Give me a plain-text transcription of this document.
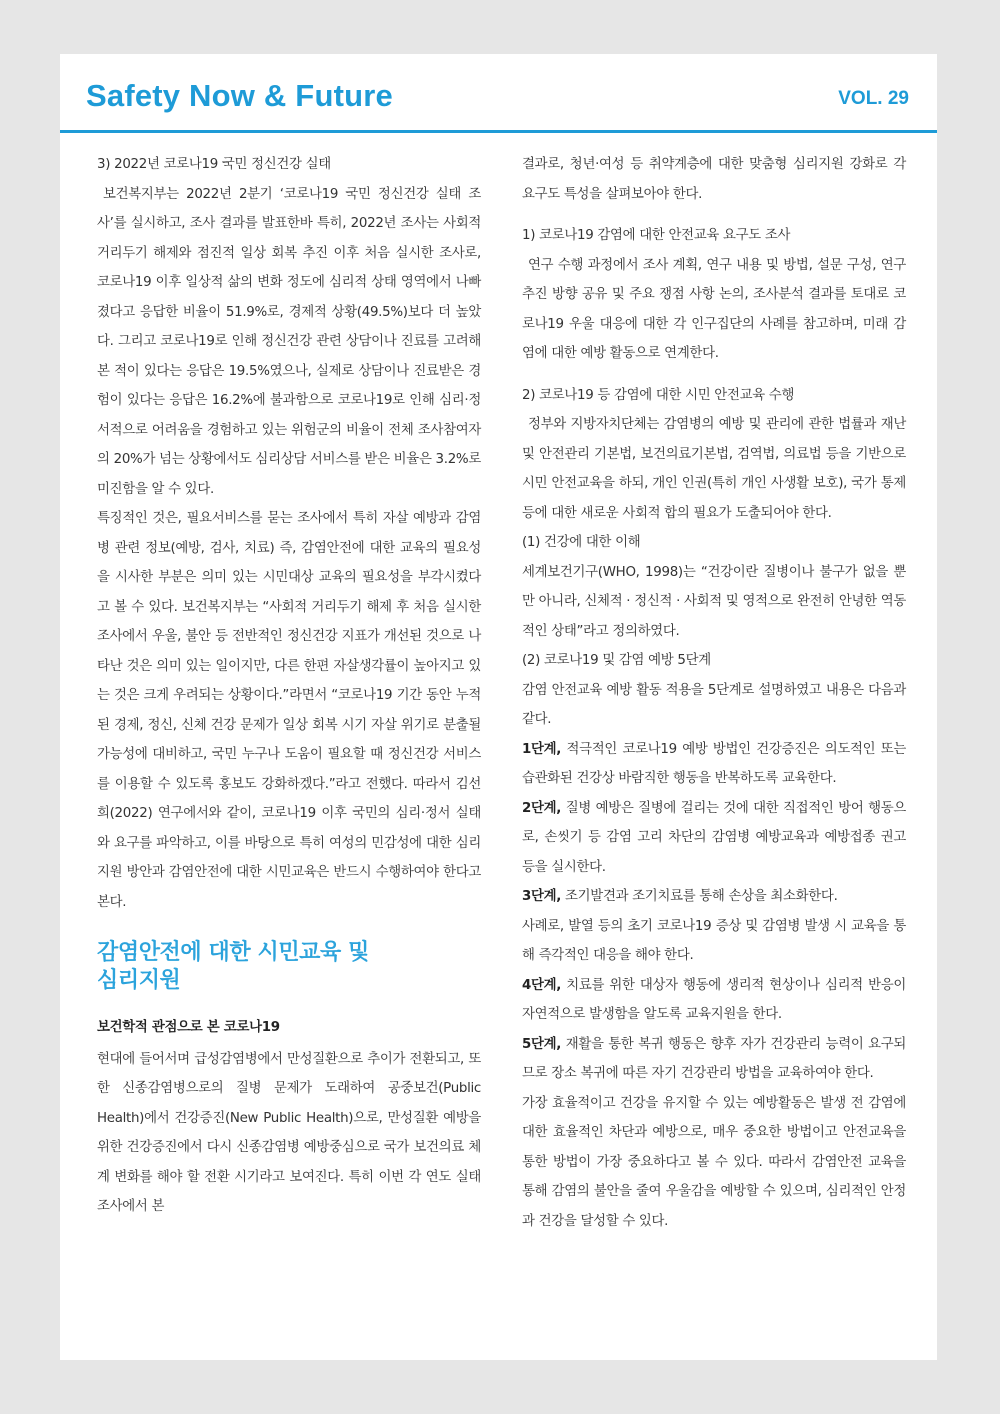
Safety Now & Future	VOL. 29

3) 2022년 코로나19 국민 정신건강 실태

보건복지부는 2022년 2분기 ‘코로나19 국민 정신건강 실태 조사’를 실시하고, 조사 결과를 발표한바 특히, 2022년 조사는 사회적 거리두기 해제와 점진적 일상 회복 추진 이후 처음 실시한 조사로, 코로나19 이후 일상적 삶의 변화 정도에 심리적 상태 영역에서 나빠졌다고 응답한 비율이 51.9%로, 경제적 상황(49.5%)보다 더 높았다. 그리고 코로나19로 인해 정신건강 관련 상담이나 진료를 고려해 본 적이 있다는 응답은 19.5%였으나, 실제로 상담이나 진료받은 경험이 있다는 응답은 16.2%에 불과함으로 코로나19로 인해 심리·정서적으로 어려움을 경험하고 있는 위험군의 비율이 전체 조사참여자의 20%가 넘는 상황에서도 심리상담 서비스를 받은 비율은 3.2%로 미진함을 알 수 있다.

특징적인 것은, 필요서비스를 묻는 조사에서 특히 자살 예방과 감염병 관련 정보(예방, 검사, 치료) 즉, 감염안전에 대한 교육의 필요성을 시사한 부분은 의미 있는 시민대상 교육의 필요성을 부각시켰다고 볼 수 있다. 보건복지부는 “사회적 거리두기 해제 후 처음 실시한 조사에서 우울, 불안 등 전반적인 정신건강 지표가 개선된 것으로 나타난 것은 의미 있는 일이지만, 다른 한편 자살생각률이 높아지고 있는 것은 크게 우려되는 상황이다.”라면서 “코로나19 기간 동안 누적된 경제, 정신, 신체 건강 문제가 일상 회복 시기 자살 위기로 분출될 가능성에 대비하고, 국민 누구나 도움이 필요할 때 정신건강 서비스를 이용할 수 있도록 홍보도 강화하겠다.”라고 전했다. 따라서 김선희(2022) 연구에서와 같이, 코로나19 이후 국민의 심리·정서 실태와 요구를 파악하고, 이를 바탕으로 특히 여성의 민감성에 대한 심리지원 방안과 감염안전에 대한 시민교육은 반드시 수행하여야 한다고 본다.

감염안전에 대한 시민교육 및
심리지원

보건학적 관점으로 본 코로나19

현대에 들어서며 급성감염병에서 만성질환으로 추이가 전환되고, 또한 신종감염병으로의 질병 문제가 도래하여 공중보건(Public Health)에서 건강증진(New Public Health)으로, 만성질환 예방을 위한 건강증진에서 다시 신종감염병 예방중심으로 국가 보건의료 체계 변화를 해야 할 전환 시기라고 보여진다. 특히 이번 각 연도 실태조사에서 본

결과로, 청년·여성 등 취약계층에 대한 맞춤형 심리지원 강화로 각 요구도 특성을 살펴보아야 한다.

1) 코로나19 감염에 대한 안전교육 요구도 조사

연구 수행 과정에서 조사 계획, 연구 내용 및 방법, 설문 구성, 연구 추진 방향 공유 및 주요 쟁점 사항 논의, 조사분석 결과를 토대로 코로나19 우울 대응에 대한 각 인구집단의 사례를 참고하며, 미래 감염에 대한 예방 활동으로 연계한다.

2) 코로나19 등 감염에 대한 시민 안전교육 수행

정부와 지방자치단체는 감염병의 예방 및 관리에 관한 법률과 재난 및 안전관리 기본법, 보건의료기본법, 검역법, 의료법 등을 기반으로 시민 안전교육을 하되, 개인 인권(특히 개인 사생활 보호), 국가 통제 등에 대한 새로운 사회적 합의 필요가 도출되어야 한다.

(1) 건강에 대한 이해

세계보건기구(WHO, 1998)는 “건강이란 질병이나 불구가 없을 뿐만 아니라, 신체적 · 정신적 · 사회적 및 영적으로 완전히 안녕한 역동적인 상태”라고 정의하였다.

(2) 코로나19 및 감염 예방 5단계

감염 안전교육 예방 활동 적용을 5단계로 설명하였고 내용은 다음과 같다.

1단계, 적극적인 코로나19 예방 방법인 건강증진은 의도적인 또는 습관화된 건강상 바람직한 행동을 반복하도록 교육한다.

2단계, 질병 예방은 질병에 걸리는 것에 대한 직접적인 방어 행동으로, 손씻기 등 감염 고리 차단의 감염병 예방교육과 예방접종 권고 등을 실시한다.

3단계, 조기발견과 조기치료를 통해 손상을 최소화한다.

사례로, 발열 등의 초기 코로나19 증상 및 감염병 발생 시 교육을 통해 즉각적인 대응을 해야 한다.

4단계, 치료를 위한 대상자 행동에 생리적 현상이나 심리적 반응이 자연적으로 발생함을 알도록 교육지원을 한다.

5단계, 재활을 통한 복귀 행동은 향후 자가 건강관리 능력이 요구되므로 장소 복귀에 따른 자기 건강관리 방법을 교육하여야 한다.

가장 효율적이고 건강을 유지할 수 있는 예방활동은 발생 전 감염에 대한 효율적인 차단과 예방으로, 매우 중요한 방법이고 안전교육을 통한 방법이 가장 중요하다고 볼 수 있다. 따라서 감염안전 교육을 통해 감염의 불안을 줄여 우울감을 예방할 수 있으며, 심리적인 안정과 건강을 달성할 수 있다.
